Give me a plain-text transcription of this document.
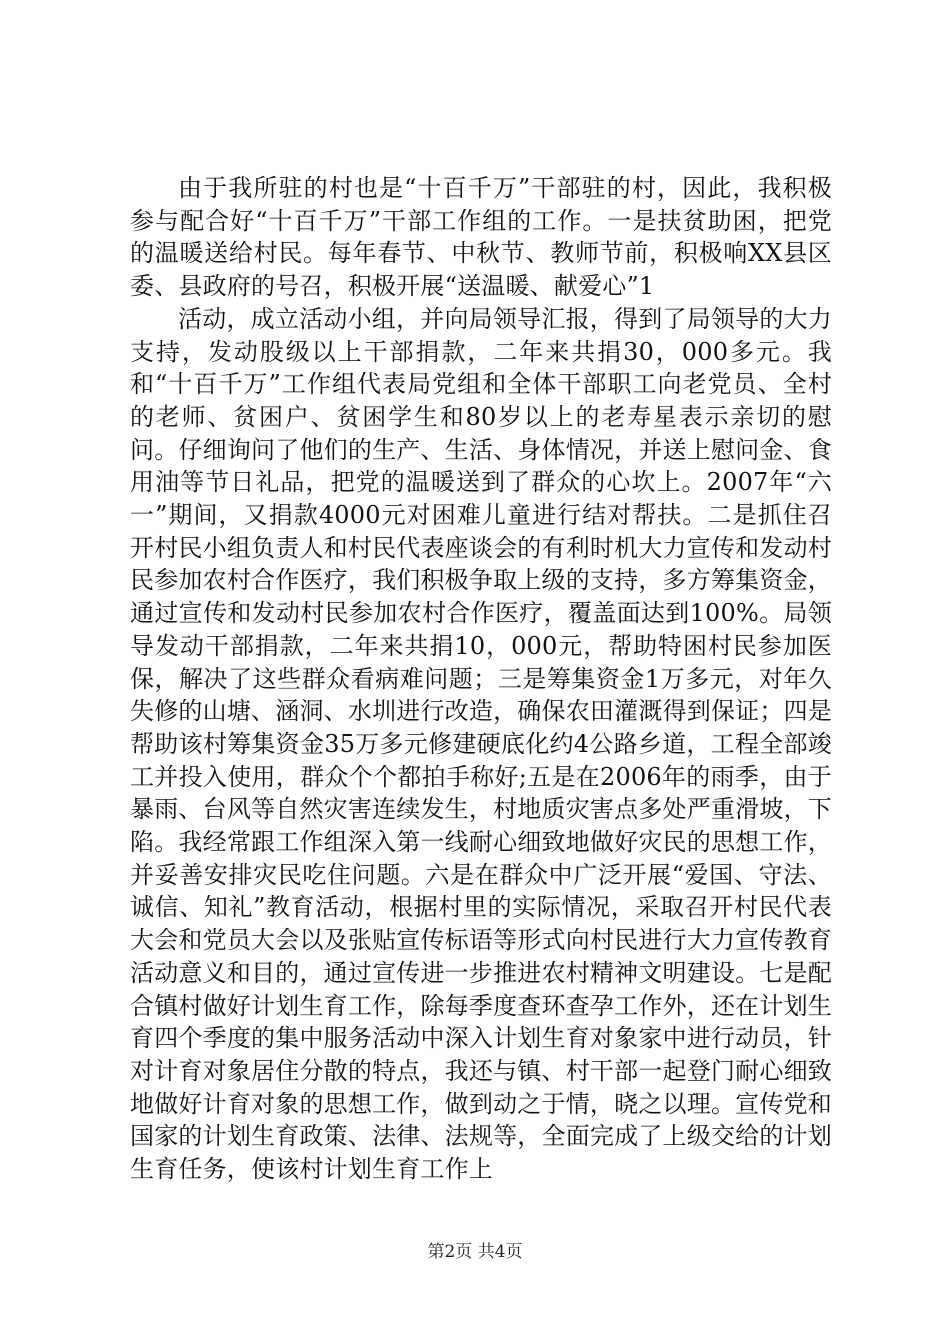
由于我所驻的村也是“十百千万”干部驻的村，因此，我积极参与配合好“十百千万”干部工作组的工作。一是扶贫助困，把党的温暖送给村民。每年春节、中秋节、教师节前，积极响XX县区委、县政府的号召，积极开展“送温暖、献爱心”1

活动，成立活动小组，并向局领导汇报，得到了局领导的大力支持，发动股级以上干部捐款，二年来共捐30，000多元。我和“十百千万”工作组代表局党组和全体干部职工向老党员、全村的老师、贫困户、贫困学生和80岁以上的老寿星表示亲切的慰问。仔细询问了他们的生产、生活、身体情况，并送上慰问金、食用油等节日礼品，把党的温暖送到了群众的心坎上。2007年“六一”期间，又捐款4000元对困难儿童进行结对帮扶。二是抓住召开村民小组负责人和村民代表座谈会的有利时机大力宣传和发动村民参加农村合作医疗，我们积极争取上级的支持，多方筹集资金，通过宣传和发动村民参加农村合作医疗，覆盖面达到100%。局领导发动干部捐款，二年来共捐10，000元，帮助特困村民参加医保，解决了这些群众看病难问题；三是筹集资金1万多元，对年久失修的山塘、涵洞、水圳进行改造，确保农田灌溉得到保证；四是帮助该村筹集资金35万多元修建硬底化约4公路乡道，工程全部竣工并投入使用，群众个个都拍手称好;五是在2006年的雨季，由于暴雨、台风等自然灾害连续发生，村地质灾害点多处严重滑坡，下陷。我经常跟工作组深入第一线耐心细致地做好灾民的思想工作，并妥善安排灾民吃住问题。六是在群众中广泛开展“爱国、守法、诚信、知礼”教育活动，根据村里的实际情况，采取召开村民代表大会和党员大会以及张贴宣传标语等形式向村民进行大力宣传教育活动意义和目的，通过宣传进一步推进农村精神文明建设。七是配合镇村做好计划生育工作，除每季度查环查孕工作外，还在计划生育四个季度的集中服务活动中深入计划生育对象家中进行动员，针对计育对象居住分散的特点，我还与镇、村干部一起登门耐心细致地做好计育对象的思想工作，做到动之于情，晓之以理。宣传党和国家的计划生育政策、法律、法规等，全面完成了上级交给的计划生育任务，使该村计划生育工作上

第2页 共4页
